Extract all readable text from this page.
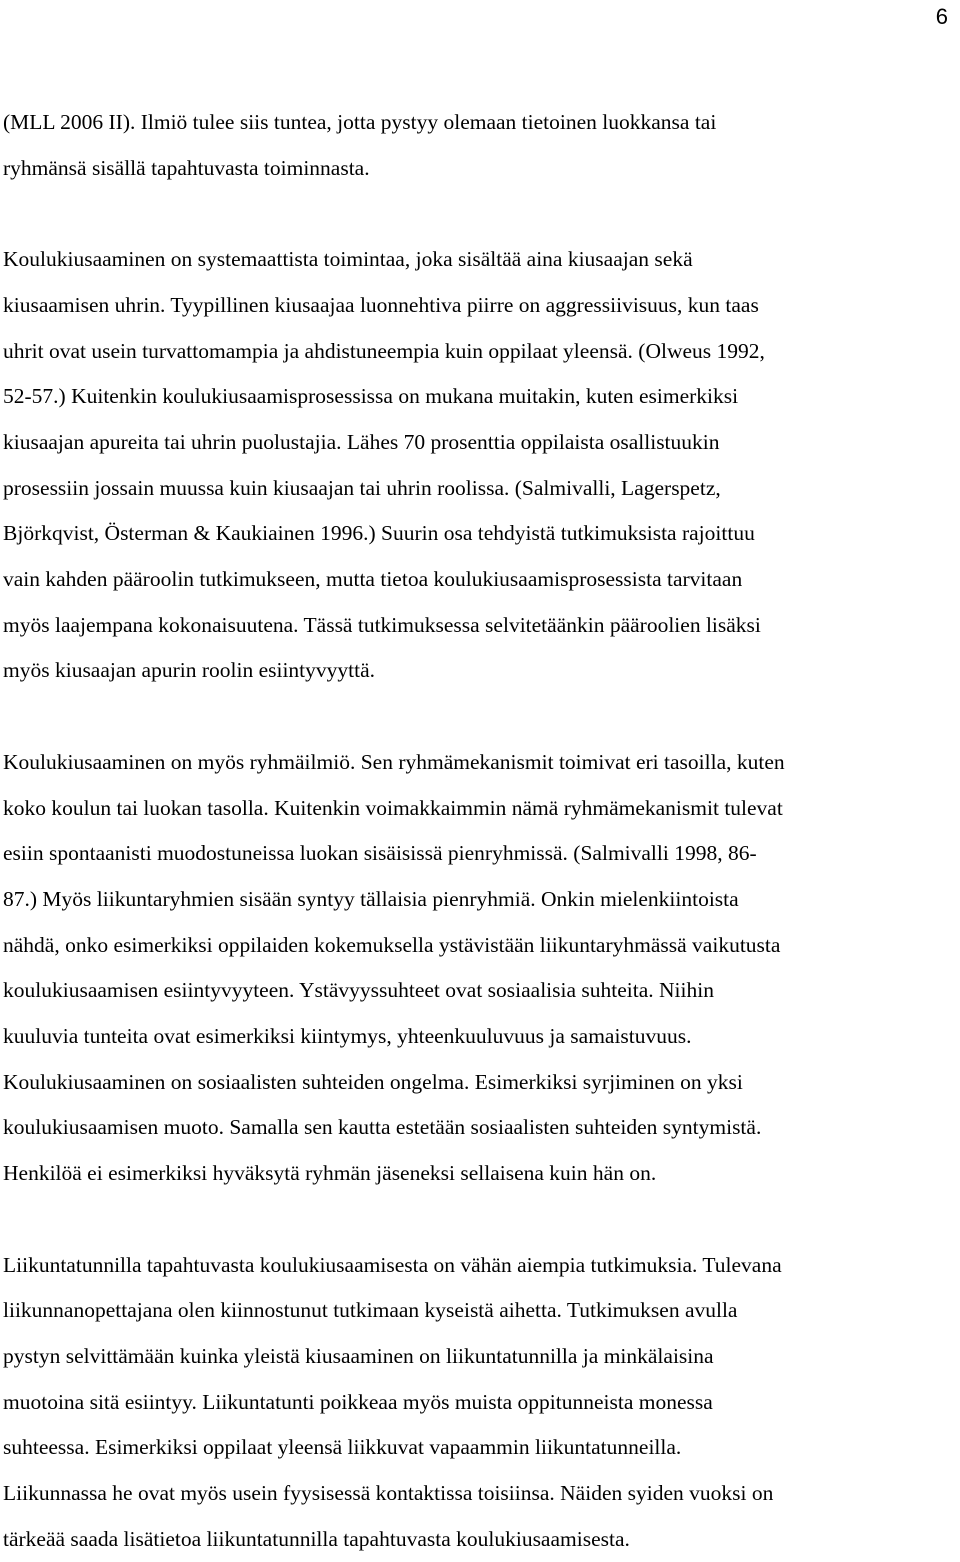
6

(MLL 2006 II). Ilmiö tulee siis tuntea, jotta pystyy olemaan tietoinen luokkansa tai
ryhmänsä sisällä tapahtuvasta toiminnasta.

Koulukiusaaminen on systemaattista toimintaa, joka sisältää aina kiusaajan sekä
kiusaamisen uhrin. Tyypillinen kiusaajaa luonnehtiva piirre on aggressiivisuus, kun taas
uhrit ovat usein turvattomampia ja ahdistuneempia kuin oppilaat yleensä. (Olweus 1992,
52-57.) Kuitenkin koulukiusaamisprosessissa on mukana muitakin, kuten esimerkiksi
kiusaajan apureita tai uhrin puolustajia. Lähes 70 prosenttia oppilaista osallistuukin
prosessiin jossain muussa kuin kiusaajan tai uhrin roolissa. (Salmivalli, Lagerspetz,
Björkqvist, Österman & Kaukiainen 1996.) Suurin osa tehdyistä tutkimuksista rajoittuu
vain kahden pääroolin tutkimukseen, mutta tietoa koulukiusaamisprosessista tarvitaan
myös laajempana kokonaisuutena. Tässä tutkimuksessa selvitetäänkin pääroolien lisäksi
myös kiusaajan apurin roolin esiintyvyyttä.

Koulukiusaaminen on myös ryhmäilmiö. Sen ryhmämekanismit toimivat eri tasoilla, kuten
koko koulun tai luokan tasolla. Kuitenkin voimakkaimmin nämä ryhmämekanismit tulevat
esiin spontaanisti muodostuneissa luokan sisäisissä pienryhmissä. (Salmivalli 1998, 86-
87.) Myös liikuntaryhmien sisään syntyy tällaisia pienryhmiä. Onkin mielenkiintoista
nähdä, onko esimerkiksi oppilaiden kokemuksella ystävistään liikuntaryhmässä vaikutusta
koulukiusaamisen esiintyvyyteen. Ystävyyssuhteet ovat sosiaalisia suhteita. Niihin
kuuluvia tunteita ovat esimerkiksi kiintymys, yhteenkuuluvuus ja samaistuvuus.
Koulukiusaaminen on sosiaalisten suhteiden ongelma. Esimerkiksi syrjiminen on yksi
koulukiusaamisen muoto. Samalla sen kautta estetään sosiaalisten suhteiden syntymistä.
Henkilöä ei esimerkiksi hyväksytä ryhmän jäseneksi sellaisena kuin hän on.

Liikuntatunnilla tapahtuvasta koulukiusaamisesta on vähän aiempia tutkimuksia. Tulevana
liikunnanopettajana olen kiinnostunut tutkimaan kyseistä aihetta. Tutkimuksen avulla
pystyn selvittämään kuinka yleistä kiusaaminen on liikuntatunnilla ja minkälaisina
muotoina sitä esiintyy. Liikuntatunti poikkeaa myös muista oppitunneista monessa
suhteessa. Esimerkiksi oppilaat yleensä liikkuvat vapaammin liikuntatunneilla.
Liikunnassa he ovat myös usein fyysisessä kontaktissa toisiinsa. Näiden syiden vuoksi on
tärkeää saada lisätietoa liikuntatunnilla tapahtuvasta koulukiusaamisesta.
